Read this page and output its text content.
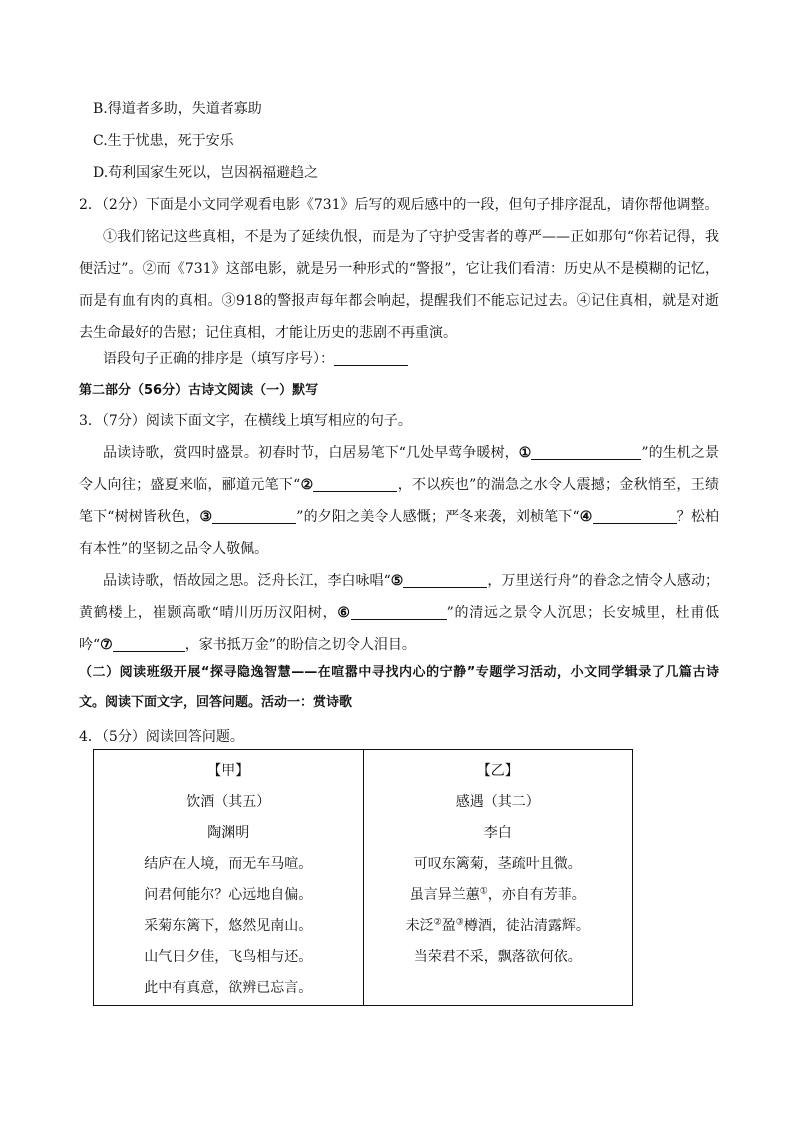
B.得道者多助，失道者寡助
C.生于忧患，死于安乐
D.苟利国家生死以，岂因祸福避趋之
2．（2分）下面是小文同学观看电影《731》后写的观后感中的一段，但句子排序混乱，请你帮他调整。
①我们铭记这些真相，不是为了延续仇恨，而是为了守护受害者的尊严——正如那句“你若记得，我便活过”。②而《731》这部电影，就是另一种形式的“警报”，它让我们看清：历史从不是模糊的记忆，而是有血有肉的真相。③918的警报声每年都会响起，提醒我们不能忘记过去。④记住真相，就是对逝去生命最好的告慰；记住真相，才能让历史的悲剧不再重演。
语段句子正确的排序是（填写序号）：
第二部分（56分）古诗文阅读（一）默写
3．（7分）阅读下面文字，在横线上填写相应的句子。
品读诗歌，赏四时盛景。初春时节，白居易笔下“几处早莺争暖树，①	”的生机之景令人向往；盛夏来临，郦道元笔下“②	，不以疾也”的湍急之水令人震撼；金秋悄至，王绩笔下“树树皆秋色，③	”的夕阳之美令人感慨；严冬来袭，刘桢笔下“④	？松柏有本性”的坚韧之品令人敬佩。
品读诗歌，悟故园之思。泛舟长江，李白咏唱“⑤	，万里送行舟”的眷念之情令人感动；黄鹤楼上，崔颢高歌“晴川历历汉阳树，⑥	”的清远之景令人沉思；长安城里，杜甫低吟“⑦	，家书抵万金”的盼信之切令人泪目。
（二）阅读班级开展“探寻隐逸智慧——在喧嚣中寻找内心的宁静”专题学习活动，小文同学辑录了几篇古诗文。阅读下面文字，回答问题。活动一：赏诗歌
4．（5分）阅读回答问题。
【甲】
饮酒（其五）
陶渊明
结庐在人境，而无车马喧。
问君何能尔？心远地自偏。
采菊东篱下，悠然见南山。
山气日夕佳，飞鸟相与还。
此中有真意，欲辨已忘言。

【乙】
感遇（其二）
李白
可叹东篱菊，茎疏叶且微。
虽言异兰蕙①，亦自有芳菲。
未泛②盈③樽酒，徒沾清露辉。
当荣君不采，飘落欲何依。
